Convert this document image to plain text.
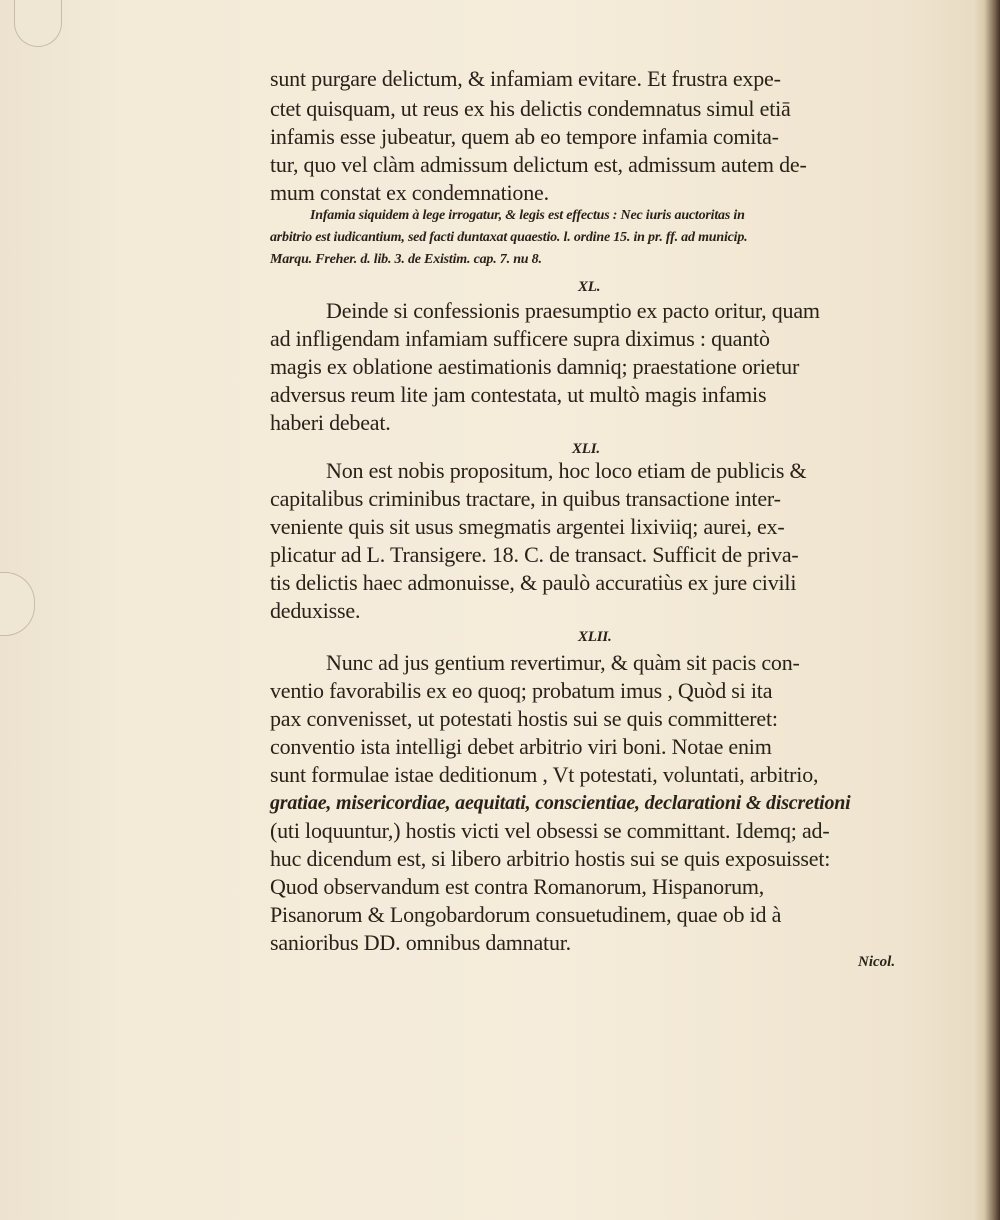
sunt purgare delictum, & infamiam evitare. Et frustra expe-
ctet quisquam, ut reus ex his delictis condemnatus simul etiā
infamis esse jubeatur, quem ab eo tempore infamia comita-
tur, quo vel clàm admissum delictum est, admissum autem de-
mum constat ex condemnatione.
Infamia siquidem à lege irrogatur, & legis est effectus : Nec iuris auctoritas in
arbitrio est iudicantium, sed facti duntaxat quaestio. l. ordine 15. in pr. ff. ad municip.
Marqu. Freher. d. lib. 3. de Existim. cap. 7. nu 8.
XL.
Deinde si confessionis praesumptio ex pacto oritur, quam
ad infligendam infamiam sufficere supra diximus : quantò
magis ex oblatione aestimationis damniq; praestatione orietur
adversus reum lite jam contestata, ut multò magis infamis
haberi debeat.
XLI.
Non est nobis propositum, hoc loco etiam de publicis &
capitalibus criminibus tractare, in quibus transactione inter-
veniente quis sit usus smegmatis argentei lixiviiq; aurei, ex-
plicatur ad L. Transigere. 18. C. de transact. Sufficit de priva-
tis delictis haec admonuisse, & paulò accuratiùs ex jure civili
deduxisse.
XLII.
Nunc ad jus gentium revertimur, & quàm sit pacis con-
ventio favorabilis ex eo quoq; probatum imus , Quòd si ita
pax convenisset, ut potestati hostis sui se quis committeret:
conventio ista intelligi debet arbitrio viri boni. Notae enim
sunt formulae istae deditionum , Vt potestati, voluntati, arbitrio,
gratiae, misericordiae, aequitati, conscientiae, declarationi & discretioni
(uti loquuntur,) hostis victi vel obsessi se committant. Idemq; ad-
huc dicendum est, si libero arbitrio hostis sui se quis exposuisset:
Quod observandum est contra Romanorum, Hispanorum,
Pisanorum & Longobardorum consuetudinem, quae ob id à
sanioribus DD. omnibus damnatur.
Nicol.
